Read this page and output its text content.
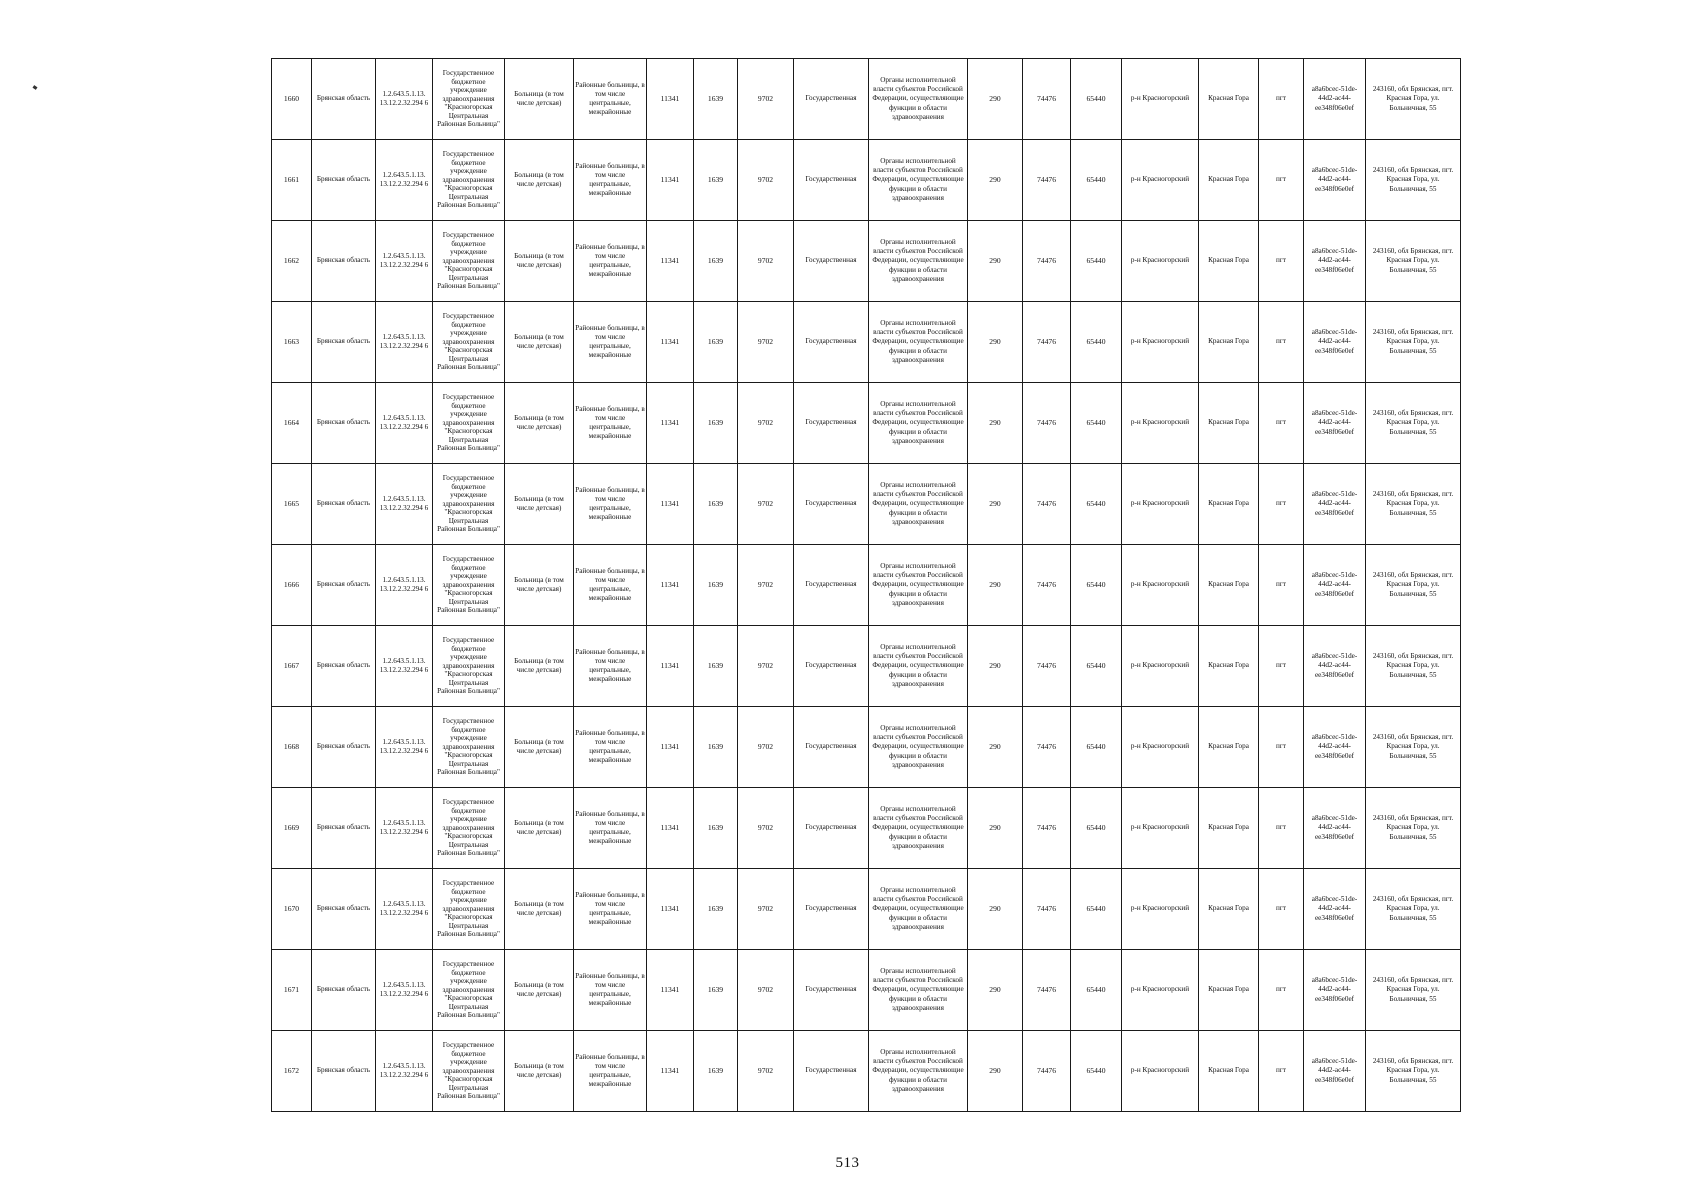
1660	Брянская область	1.2.643.5.1.13. 13.12.2.32.294 6	Государственное бюджетное учреждение здравоохранения "Красногорская Центральная Районная Больница"	Больница (в том числе детская)	Районные больницы, в том числе центральные, межрайонные	11341	1639	9702	Государственная	Органы исполнительной власти субъектов Российской Федерации, осуществляющие функции в области здравоохранения	290	74476	65440	р-н Красногорский	Красная Гора	пгт	a8a6bcec-51de-44d2-ac44-ee348f06e0ef	243160, обл Брянская, пгт. Красная Гора, ул. Больничная, 55
1661	Брянская область	1.2.643.5.1.13. 13.12.2.32.294 6	Государственное бюджетное учреждение здравоохранения "Красногорская Центральная Районная Больница"	Больница (в том числе детская)	Районные больницы, в том числе центральные, межрайонные	11341	1639	9702	Государственная	Органы исполнительной власти субъектов Российской Федерации, осуществляющие функции в области здравоохранения	290	74476	65440	р-н Красногорский	Красная Гора	пгт	a8a6bcec-51de-44d2-ac44-ee348f06e0ef	243160, обл Брянская, пгт. Красная Гора, ул. Больничная, 55
1662	Брянская область	1.2.643.5.1.13. 13.12.2.32.294 6	Государственное бюджетное учреждение здравоохранения "Красногорская Центральная Районная Больница"	Больница (в том числе детская)	Районные больницы, в том числе центральные, межрайонные	11341	1639	9702	Государственная	Органы исполнительной власти субъектов Российской Федерации, осуществляющие функции в области здравоохранения	290	74476	65440	р-н Красногорский	Красная Гора	пгт	a8a6bcec-51de-44d2-ac44-ee348f06e0ef	243160, обл Брянская, пгт. Красная Гора, ул. Больничная, 55
1663	Брянская область	1.2.643.5.1.13. 13.12.2.32.294 6	Государственное бюджетное учреждение здравоохранения "Красногорская Центральная Районная Больница"	Больница (в том числе детская)	Районные больницы, в том числе центральные, межрайонные	11341	1639	9702	Государственная	Органы исполнительной власти субъектов Российской Федерации, осуществляющие функции в области здравоохранения	290	74476	65440	р-н Красногорский	Красная Гора	пгт	a8a6bcec-51de-44d2-ac44-ee348f06e0ef	243160, обл Брянская, пгт. Красная Гора, ул. Больничная, 55
1664	Брянская область	1.2.643.5.1.13. 13.12.2.32.294 6	Государственное бюджетное учреждение здравоохранения "Красногорская Центральная Районная Больница"	Больница (в том числе детская)	Районные больницы, в том числе центральные, межрайонные	11341	1639	9702	Государственная	Органы исполнительной власти субъектов Российской Федерации, осуществляющие функции в области здравоохранения	290	74476	65440	р-н Красногорский	Красная Гора	пгт	a8a6bcec-51de-44d2-ac44-ee348f06e0ef	243160, обл Брянская, пгт. Красная Гора, ул. Больничная, 55
1665	Брянская область	1.2.643.5.1.13. 13.12.2.32.294 6	Государственное бюджетное учреждение здравоохранения "Красногорская Центральная Районная Больница"	Больница (в том числе детская)	Районные больницы, в том числе центральные, межрайонные	11341	1639	9702	Государственная	Органы исполнительной власти субъектов Российской Федерации, осуществляющие функции в области здравоохранения	290	74476	65440	р-н Красногорский	Красная Гора	пгт	a8a6bcec-51de-44d2-ac44-ee348f06e0ef	243160, обл Брянская, пгт. Красная Гора, ул. Больничная, 55
1666	Брянская область	1.2.643.5.1.13. 13.12.2.32.294 6	Государственное бюджетное учреждение здравоохранения "Красногорская Центральная Районная Больница"	Больница (в том числе детская)	Районные больницы, в том числе центральные, межрайонные	11341	1639	9702	Государственная	Органы исполнительной власти субъектов Российской Федерации, осуществляющие функции в области здравоохранения	290	74476	65440	р-н Красногорский	Красная Гора	пгт	a8a6bcec-51de-44d2-ac44-ee348f06e0ef	243160, обл Брянская, пгт. Красная Гора, ул. Больничная, 55
1667	Брянская область	1.2.643.5.1.13. 13.12.2.32.294 6	Государственное бюджетное учреждение здравоохранения "Красногорская Центральная Районная Больница"	Больница (в том числе детская)	Районные больницы, в том числе центральные, межрайонные	11341	1639	9702	Государственная	Органы исполнительной власти субъектов Российской Федерации, осуществляющие функции в области здравоохранения	290	74476	65440	р-н Красногорский	Красная Гора	пгт	a8a6bcec-51de-44d2-ac44-ee348f06e0ef	243160, обл Брянская, пгт. Красная Гора, ул. Больничная, 55
1668	Брянская область	1.2.643.5.1.13. 13.12.2.32.294 6	Государственное бюджетное учреждение здравоохранения "Красногорская Центральная Районная Больница"	Больница (в том числе детская)	Районные больницы, в том числе центральные, межрайонные	11341	1639	9702	Государственная	Органы исполнительной власти субъектов Российской Федерации, осуществляющие функции в области здравоохранения	290	74476	65440	р-н Красногорский	Красная Гора	пгт	a8a6bcec-51de-44d2-ac44-ee348f06e0ef	243160, обл Брянская, пгт. Красная Гора, ул. Больничная, 55
1669	Брянская область	1.2.643.5.1.13. 13.12.2.32.294 6	Государственное бюджетное учреждение здравоохранения "Красногорская Центральная Районная Больница"	Больница (в том числе детская)	Районные больницы, в том числе центральные, межрайонные	11341	1639	9702	Государственная	Органы исполнительной власти субъектов Российской Федерации, осуществляющие функции в области здравоохранения	290	74476	65440	р-н Красногорский	Красная Гора	пгт	a8a6bcec-51de-44d2-ac44-ee348f06e0ef	243160, обл Брянская, пгт. Красная Гора, ул. Больничная, 55
1670	Брянская область	1.2.643.5.1.13. 13.12.2.32.294 6	Государственное бюджетное учреждение здравоохранения "Красногорская Центральная Районная Больница"	Больница (в том числе детская)	Районные больницы, в том числе центральные, межрайонные	11341	1639	9702	Государственная	Органы исполнительной власти субъектов Российской Федерации, осуществляющие функции в области здравоохранения	290	74476	65440	р-н Красногорский	Красная Гора	пгт	a8a6bcec-51de-44d2-ac44-ee348f06e0ef	243160, обл Брянская, пгт. Красная Гора, ул. Больничная, 55
1671	Брянская область	1.2.643.5.1.13. 13.12.2.32.294 6	Государственное бюджетное учреждение здравоохранения "Красногорская Центральная Районная Больница"	Больница (в том числе детская)	Районные больницы, в том числе центральные, межрайонные	11341	1639	9702	Государственная	Органы исполнительной власти субъектов Российской Федерации, осуществляющие функции в области здравоохранения	290	74476	65440	р-н Красногорский	Красная Гора	пгт	a8a6bcec-51de-44d2-ac44-ee348f06e0ef	243160, обл Брянская, пгт. Красная Гора, ул. Больничная, 55
1672	Брянская область	1.2.643.5.1.13. 13.12.2.32.294 6	Государственное бюджетное учреждение здравоохранения "Красногорская Центральная Районная Больница"	Больница (в том числе детская)	Районные больницы, в том числе центральные, межрайонные	11341	1639	9702	Государственная	Органы исполнительной власти субъектов Российской Федерации, осуществляющие функции в области здравоохранения	290	74476	65440	р-н Красногорский	Красная Гора	пгт	a8a6bcec-51de-44d2-ac44-ee348f06e0ef	243160, обл Брянская, пгт. Красная Гора, ул. Больничная, 55
513
